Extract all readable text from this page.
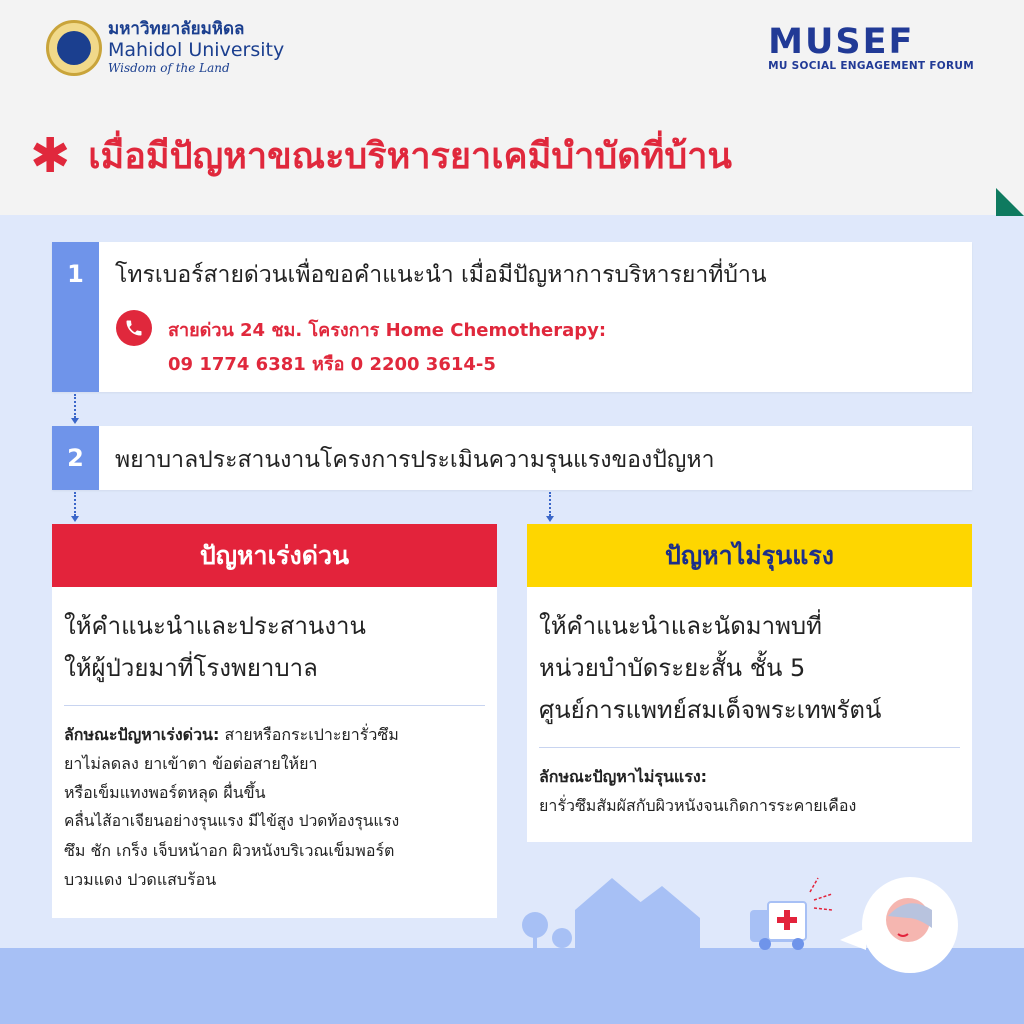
มหาวิทยาลัยมหิดล
Mahidol University
Wisdom of the Land
MUSEF
MU SOCIAL ENGAGEMENT FORUM
✱ เมื่อมีปัญหาขณะบริหารยาเคมีบำบัดที่บ้าน
1	โทรเบอร์สายด่วนเพื่อขอคำแนะนำ เมื่อมีปัญหาการบริหารยาที่บ้าน
สายด่วน 24 ชม. โครงการ Home Chemotherapy:
09 1774 6381 หรือ 0 2200 3614-5
2	พยาบาลประสานงานโครงการประเมินความรุนแรงของปัญหา
ปัญหาเร่งด่วน
ให้คำแนะนำและประสานงาน
ให้ผู้ป่วยมาที่โรงพยาบาล
ลักษณะปัญหาเร่งด่วน: สายหรือกระเปาะยารั่วซึม
ยาไม่ลดลง ยาเข้าตา ข้อต่อสายให้ยา
หรือเข็มแทงพอร์ตหลุด ผื่นขึ้น
คลื่นไส้อาเจียนอย่างรุนแรง มีไข้สูง ปวดท้องรุนแรง
ซึม ชัก เกร็ง เจ็บหน้าอก ผิวหนังบริเวณเข็มพอร์ต
บวมแดง ปวดแสบร้อน
ปัญหาไม่รุนแรง
ให้คำแนะนำและนัดมาพบที่
หน่วยบำบัดระยะสั้น ชั้น 5
ศูนย์การแพทย์สมเด็จพระเทพรัตน์
ลักษณะปัญหาไม่รุนแรง:
ยารั่วซึมสัมผัสกับผิวหนังจนเกิดการระคายเคือง
